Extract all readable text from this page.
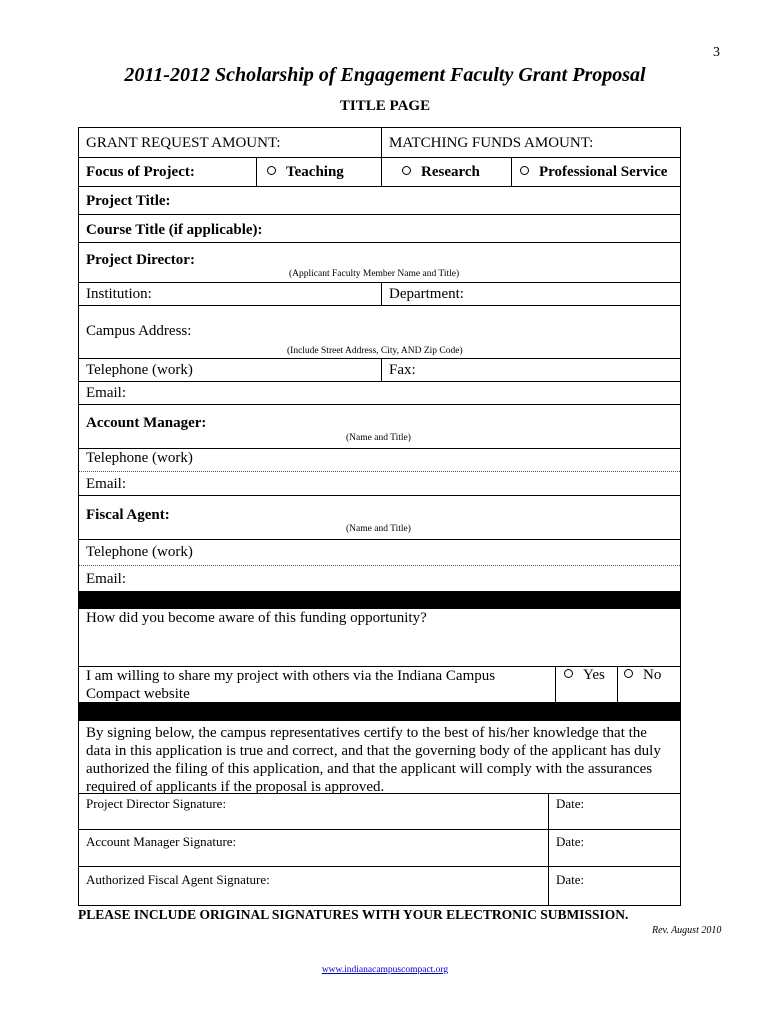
3
2011-2012 Scholarship of Engagement Faculty Grant Proposal
TITLE PAGE
GRANT REQUEST AMOUNT:	MATCHING FUNDS AMOUNT:
Focus of Project:	Teaching	Research	Professional Service
Project Title:
Course Title (if applicable):
Project Director:
(Applicant Faculty Member Name and Title)
Institution:	Department:
Campus Address:
(Include Street Address, City, AND Zip Code)
Telephone (work)	Fax:
Email:
Account Manager:
(Name and Title)
Telephone (work)
Email:
Fiscal Agent:
(Name and Title)
Telephone (work)
Email:
How did you become aware of this funding opportunity?
I am willing to share my project with others via the Indiana Campus Compact website
Yes	No
By signing below, the campus representatives certify to the best of his/her knowledge that the data in this application is true and correct, and that the governing body of the applicant has duly authorized the filing of this application, and that the applicant will comply with the assurances required of applicants if the proposal is approved.
Project Director Signature:	Date:
Account Manager Signature:	Date:
Authorized Fiscal Agent Signature:	Date:
PLEASE INCLUDE ORIGINAL SIGNATURES WITH YOUR ELECTRONIC SUBMISSION.
Rev. August 2010
www.indianacampuscompact.org
